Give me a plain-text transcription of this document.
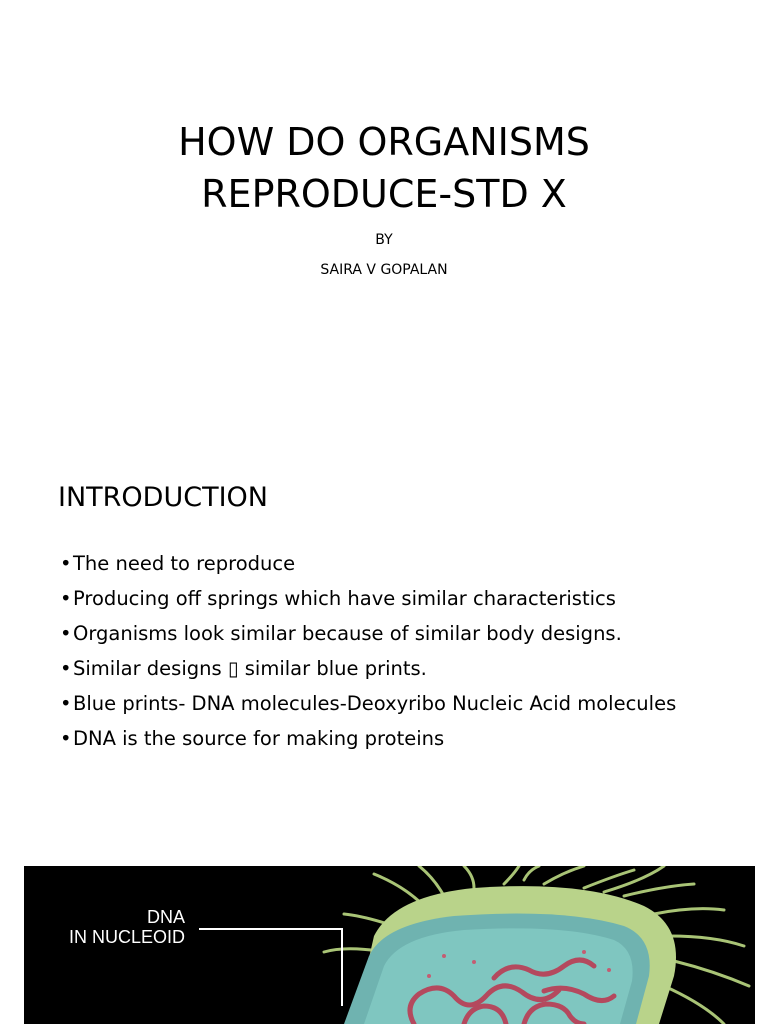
HOW DO ORGANISMS
REPRODUCE-STD X
BY
SAIRA V GOPALAN
INTRODUCTION
• The need to reproduce
• Producing off springs which have similar characteristics
• Organisms look similar because of similar body designs.
• Similar designs ▯ similar blue prints.
• Blue prints- DNA molecules-Deoxyribo Nucleic Acid molecules
• DNA is the source for making proteins
DNA
IN NUCLEOID
